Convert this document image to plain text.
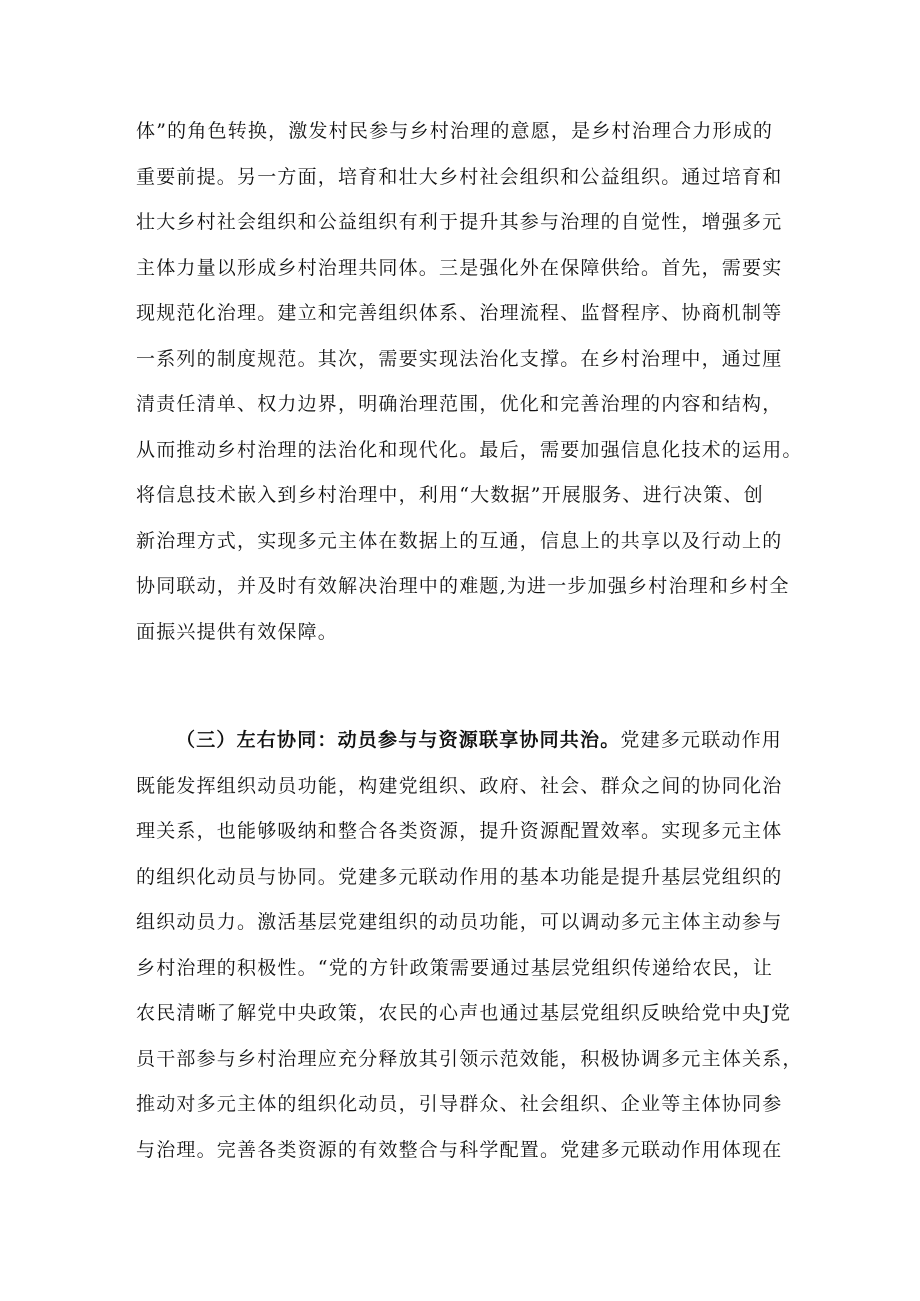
体”的角色转换，激发村民参与乡村治理的意愿，是乡村治理合力形成的
重要前提。另一方面，培育和壮大乡村社会组织和公益组织。通过培育和
壮大乡村社会组织和公益组织有利于提升其参与治理的自觉性，增强多元
主体力量以形成乡村治理共同体。三是强化外在保障供给。首先，需要实
现规范化治理。建立和完善组织体系、治理流程、监督程序、协商机制等
一系列的制度规范。其次，需要实现法治化支撑。在乡村治理中，通过厘
清责任清单、权力边界，明确治理范围，优化和完善治理的内容和结构，
从而推动乡村治理的法治化和现代化。最后，需要加强信息化技术的运用。
将信息技术嵌入到乡村治理中，利用“大数据”开展服务、进行决策、创
新治理方式，实现多元主体在数据上的互通，信息上的共享以及行动上的
协同联动，并及时有效解决治理中的难题,为进一步加强乡村治理和乡村全
面振兴提供有效保障。
（三）左右协同：动员参与与资源联享协同共治。党建多元联动作用
既能发挥组织动员功能，构建党组织、政府、社会、群众之间的协同化治
理关系，也能够吸纳和整合各类资源，提升资源配置效率。实现多元主体
的组织化动员与协同。党建多元联动作用的基本功能是提升基层党组织的
组织动员力。激活基层党建组织的动员功能，可以调动多元主体主动参与
乡村治理的积极性。“党的方针政策需要通过基层党组织传递给农民，让
农民清晰了解党中央政策，农民的心声也通过基层党组织反映给党中央J党
员干部参与乡村治理应充分释放其引领示范效能，积极协调多元主体关系，
推动对多元主体的组织化动员，引导群众、社会组织、企业等主体协同参
与治理。完善各类资源的有效整合与科学配置。党建多元联动作用体现在
